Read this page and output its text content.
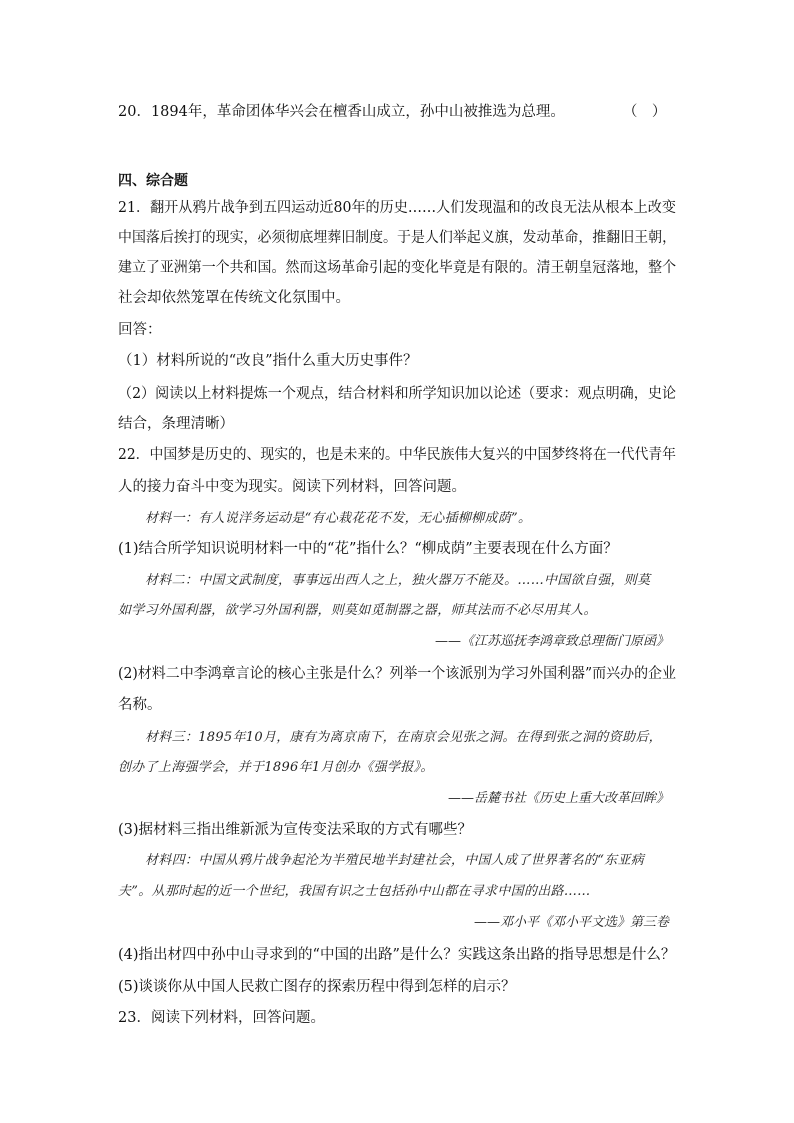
20．1894年，革命团体华兴会在檀香山成立，孙中山被推选为总理。	（　）
四、综合题
21．翻开从鸦片战争到五四运动近80年的历史……人们发现温和的改良无法从根本上改变
中国落后挨打的现实，必须彻底埋葬旧制度。于是人们举起义旗，发动革命，推翻旧王朝，
建立了亚洲第一个共和国。然而这场革命引起的变化毕竟是有限的。清王朝皇冠落地，整个
社会却依然笼罩在传统文化氛围中。
回答：
（1）材料所说的“改良”指什么重大历史事件？
（2）阅读以上材料提炼一个观点，结合材料和所学知识加以论述（要求：观点明确，史论
结合，条理清晰）
22．中国梦是历史的、现实的，也是未来的。中华民族伟大复兴的中国梦终将在一代代青年
人的接力奋斗中变为现实。阅读下列材料，回答问题。
材料一：有人说洋务运动是“有心栽花花不发，无心插柳柳成荫”。
(1)结合所学知识说明材料一中的“花”指什么？“柳成荫”主要表现在什么方面？
材料二：中国文武制度，事事远出西人之上，独火器万不能及。……中国欲自强，则莫
如学习外国利器，欲学习外国利器，则莫如觅制器之器，师其法而不必尽用其人。
——《江苏巡抚李鸿章致总理衙门原函》
(2)材料二中李鸿章言论的核心主张是什么？列举一个该派别为学习外国利器”而兴办的企业
名称。
材料三：1895年10月，康有为离京南下，在南京会见张之洞。在得到张之洞的资助后，
创办了上海强学会，并于1896年1月创办《强学报》。
——岳麓书社《历史上重大改革回眸》
(3)据材料三指出维新派为宣传变法采取的方式有哪些？
材料四：中国从鸦片战争起沦为半殖民地半封建社会，中国人成了世界著名的“东亚病
夫”。从那时起的近一个世纪，我国有识之士包括孙中山都在寻求中国的出路……
——邓小平《邓小平文选》第三卷
(4)指出材四中孙中山寻求到的“中国的出路”是什么？实践这条出路的指导思想是什么？
(5)谈谈你从中国人民救亡图存的探索历程中得到怎样的启示？
23．阅读下列材料，回答问题。
